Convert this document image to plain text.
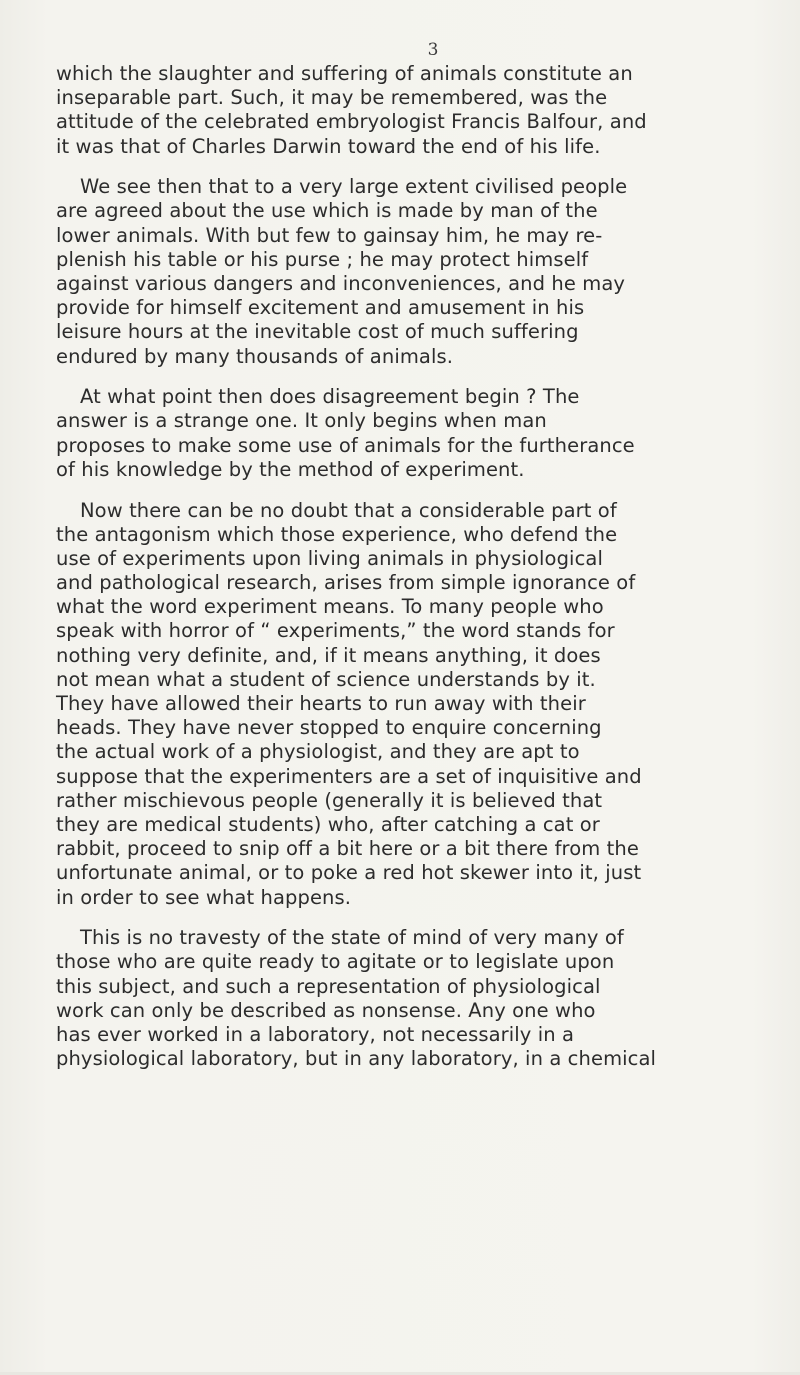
3
which the slaughter and suffering of animals constitute an
inseparable part. Such, it may be remembered, was the
attitude of the celebrated embryologist Francis Balfour, and
it was that of Charles Darwin toward the end of his life.
We see then that to a very large extent civilised people
are agreed about the use which is made by man of the
lower animals. With but few to gainsay him, he may re-
plenish his table or his purse ; he may protect himself
against various dangers and inconveniences, and he may
provide for himself excitement and amusement in his
leisure hours at the inevitable cost of much suffering
endured by many thousands of animals.
At what point then does disagreement begin ? The
answer is a strange one. It only begins when man
proposes to make some use of animals for the furtherance
of his knowledge by the method of experiment.
Now there can be no doubt that a considerable part of
the antagonism which those experience, who defend the
use of experiments upon living animals in physiological
and pathological research, arises from simple ignorance of
what the word experiment means. To many people who
speak with horror of “ experiments,” the word stands for
nothing very definite, and, if it means anything, it does
not mean what a student of science understands by it.
They have allowed their hearts to run away with their
heads. They have never stopped to enquire concerning
the actual work of a physiologist, and they are apt to
suppose that the experimenters are a set of inquisitive and
rather mischievous people (generally it is believed that
they are medical students) who, after catching a cat or
rabbit, proceed to snip off a bit here or a bit there from the
unfortunate animal, or to poke a red hot skewer into it, just
in order to see what happens.
This is no travesty of the state of mind of very many of
those who are quite ready to agitate or to legislate upon
this subject, and such a representation of physiological
work can only be described as nonsense. Any one who
has ever worked in a laboratory, not necessarily in a
physiological laboratory, but in any laboratory, in a chemical
